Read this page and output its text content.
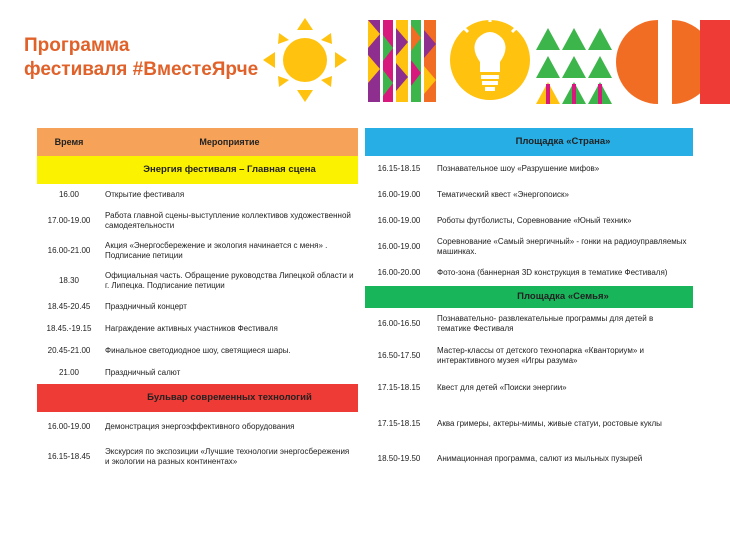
Программа
фестиваля #ВместеЯрче
Время	Мероприятие
	Энергия фестиваля – Главная сцена
16.00	Открытие фестиваля
17.00-19.00	Работа главной сцены-выступление коллективов художественной самодеятельности
16.00-21.00	Акция «Энергосбережение и экология начинается с меня» . Подписание петиции
18.30	Официальная часть. Обращение руководства Липецкой области и г. Липецка. Подписание петиции
18.45-20.45	Праздничный концерт
18.45.-19.15	Награждение активных участников Фестиваля
20.45-21.00	Финальное светодиодное шоу, светящиеся шары.
21.00	Праздничный салют
	Бульвар современных технологий
16.00-19.00	Демонстрация энергоэффективного оборудования
16.15-18.45	Экскурсия по экспозиции «Лучшие технологии энергосбережения и экологии на разных континентах»
	Площадка «Страна»
16.15-18.15	Познавательное шоу «Разрушение мифов»
16.00-19.00	Тематический квест «Энергопоиск»
16.00-19.00	Роботы футболисты, Соревнование «Юный техник»
16.00-19.00	Соревнование «Самый энергичный» - гонки на радиоуправляемых машинках.
16.00-20.00	Фото-зона (баннерная 3D конструкция в тематике Фестиваля)
	Площадка «Семья»
16.00-16.50	Познавательно- развлекательные программы для детей в тематике Фестиваля
16.50-17.50	Мастер-классы от детского технопарка «Кванториум» и интерактивного музея «Игры разума»
17.15-18.15	Квест для детей «Поиски энергии»
17.15-18.15	Аква гримеры, актеры-мимы, живые статуи, ростовые куклы
18.50-19.50	Анимационная программа, салют из мыльных пузырей
